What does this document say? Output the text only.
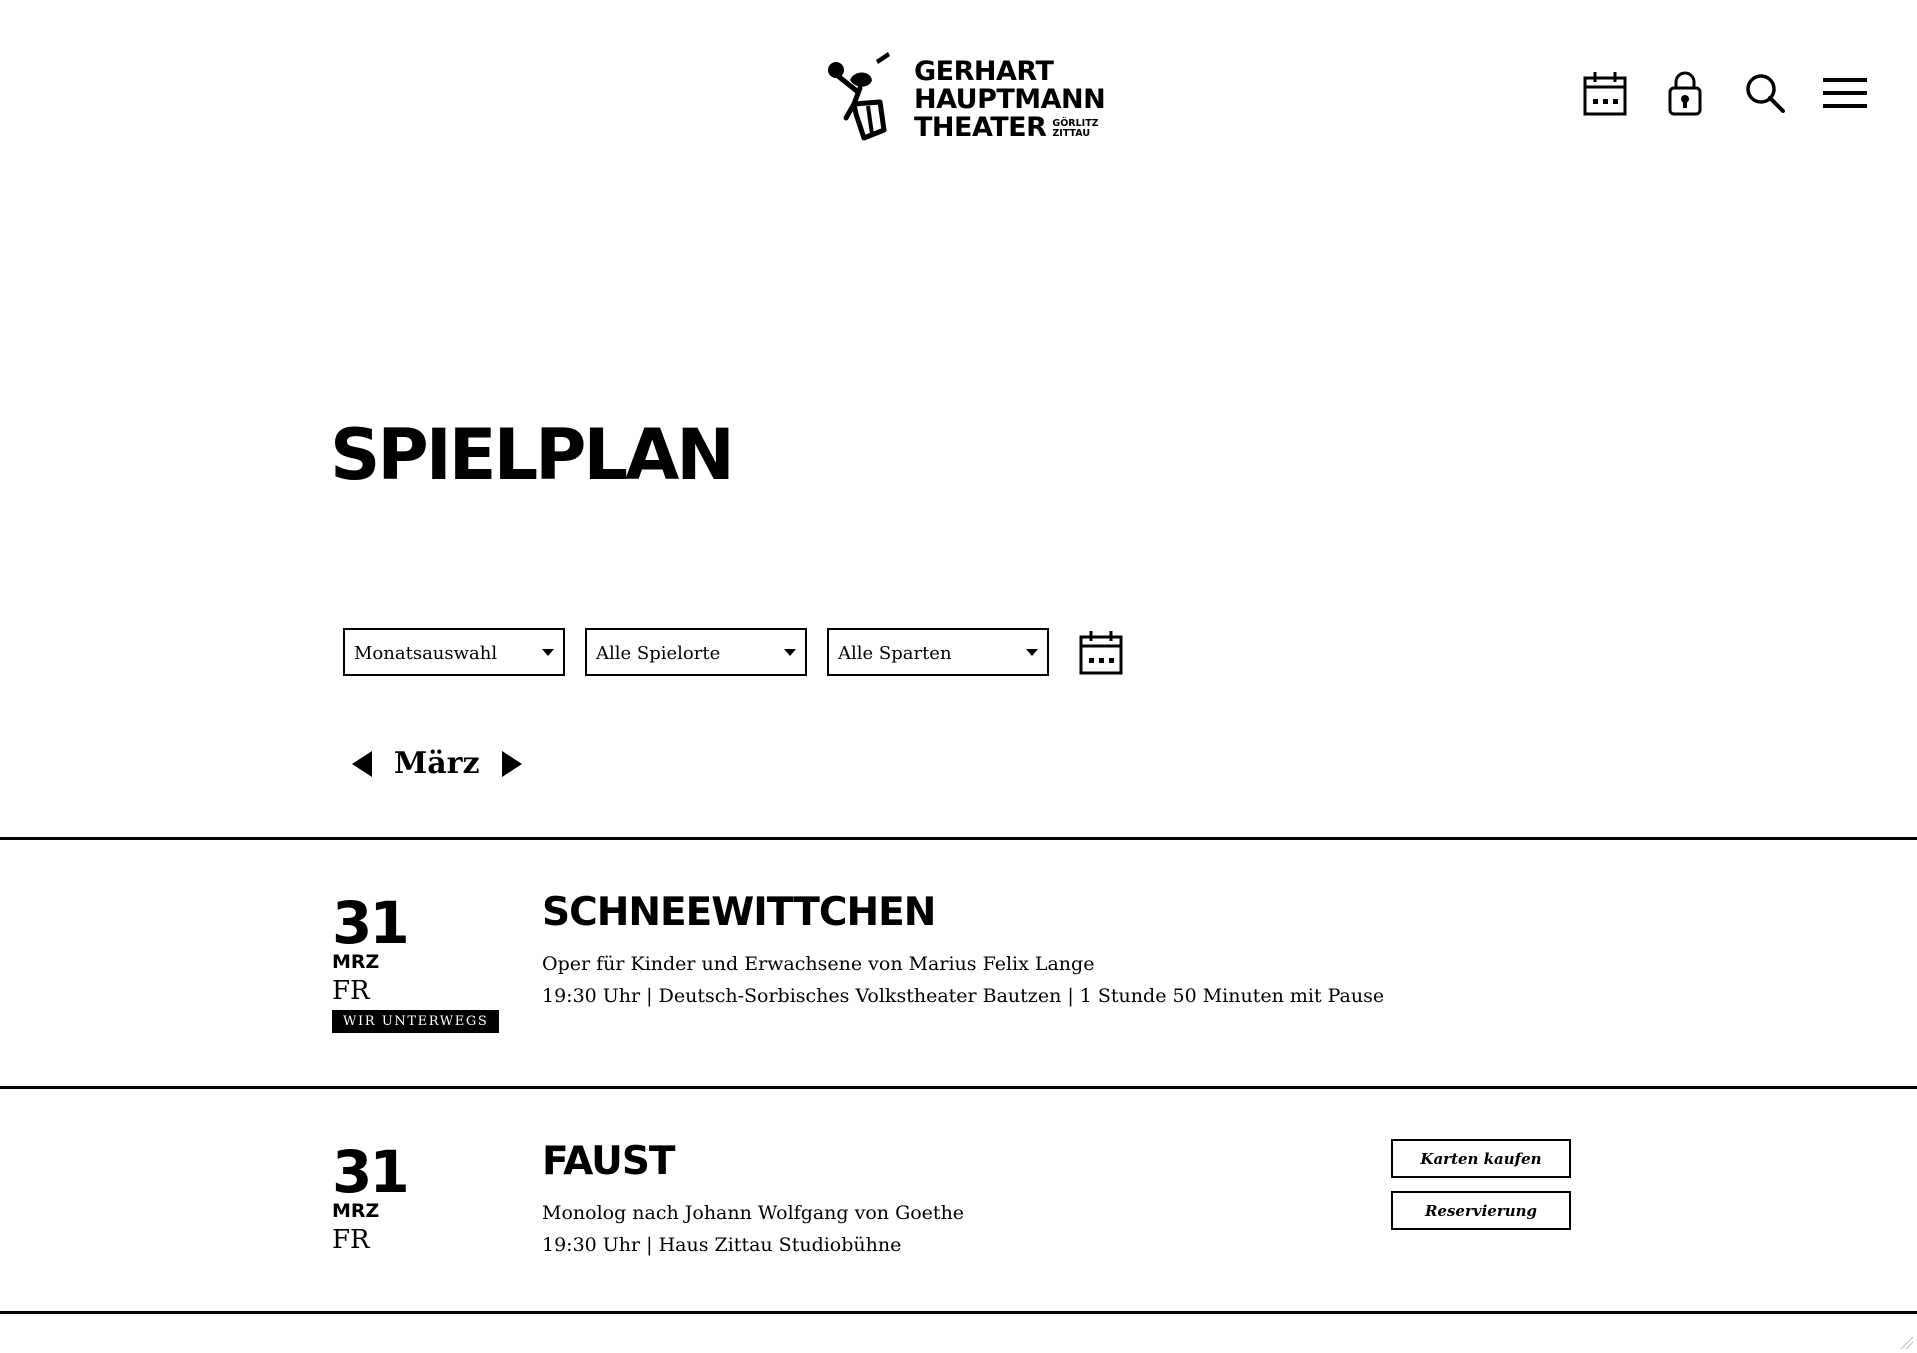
GERHART
HAUPTMANN
THEATER GÖRLITZ
ZITTAU
SPIELPLAN
Monatsauswahl	Alle Spielorte	Alle Sparten
März
31
MRZ
FR
WIR UNTERWEGS
SCHNEEWITTCHEN
Oper für Kinder und Erwachsene von Marius Felix Lange
19:30 Uhr | Deutsch-Sorbisches Volkstheater Bautzen | 1 Stunde 50 Minuten mit Pause
31
MRZ
FR
FAUST
Monolog nach Johann Wolfgang von Goethe
19:30 Uhr | Haus Zittau Studiobühne
Karten kaufen
Reservierung
